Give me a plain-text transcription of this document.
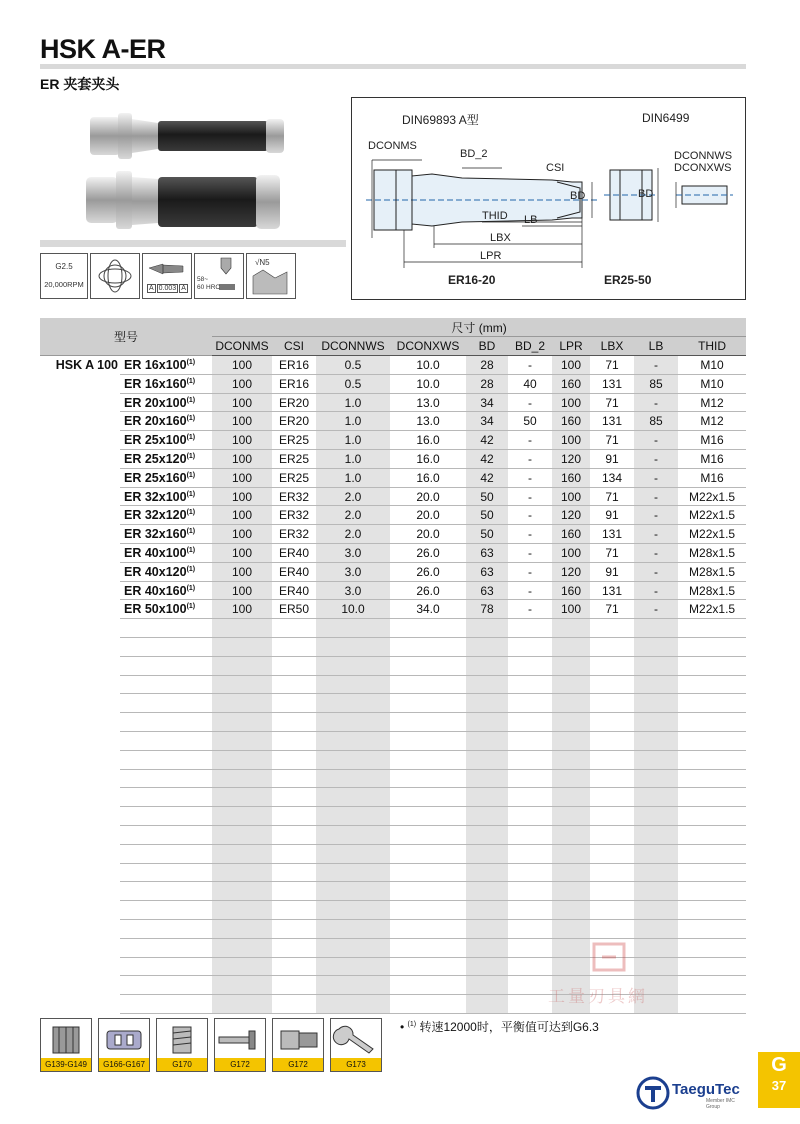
HSK A-ER
ER 夹套夹头
G2.5
20,000RPM	A 0.003 A
58~
60 HRC
√N5
DIN69893 A型	DIN6499
DCONMS
BD_2
CSI
BD
THID LB
LBX
LPR
BD
DCONNWS
DCONXWS
ER16-20	ER25-50
型号		尺寸 (mm)									
		DCONMS	CSI	DCONNWS	DCONXWS	BD	BD_2	LPR	LBX	LB	THID
HSK A 100	ER 16x100$^{(1)}$	100	ER16	0.5	10.0	28	-	100	71	-	M10
	ER 16x160$^{(1)}$	100	ER16	0.5	10.0	28	40	160	131	85	M10
	ER 20x100$^{(1)}$	100	ER20	1.0	13.0	34	-	100	71	-	M12
	ER 20x160$^{(1)}$	100	ER20	1.0	13.0	34	50	160	131	85	M12
	ER 25x100$^{(1)}$	100	ER25	1.0	16.0	42	-	100	71	-	M16
	ER 25x120$^{(1)}$	100	ER25	1.0	16.0	42	-	120	91	-	M16
	ER 25x160$^{(1)}$	100	ER25	1.0	16.0	42	-	160	134	-	M16
	ER 32x100$^{(1)}$	100	ER32	2.0	20.0	50	-	100	71	-	M22x1.5
	ER 32x120$^{(1)}$	100	ER32	2.0	20.0	50	-	120	91	-	M22x1.5
	ER 32x160$^{(1)}$	100	ER32	2.0	20.0	50	-	160	131	-	M22x1.5
	ER 40x100$^{(1)}$	100	ER40	3.0	26.0	63	-	100	71	-	M28x1.5
	ER 40x120$^{(1)}$	100	ER40	3.0	26.0	63	-	120	91	-	M28x1.5
	ER 40x160$^{(1)}$	100	ER40	3.0	26.0	63	-	160	131	-	M28x1.5
	ER 50x100$^{(1)}$	100	ER50	10.0	34.0	78	-	100	71	-	M22x1.5

工量刃具網
G139-G149	G166-G167	G170	G172	G172	G173
• $^{(1)}$ 转速12000时，平衡值可达到G6.3
G
37
TaeguTec
Member IMC Group
